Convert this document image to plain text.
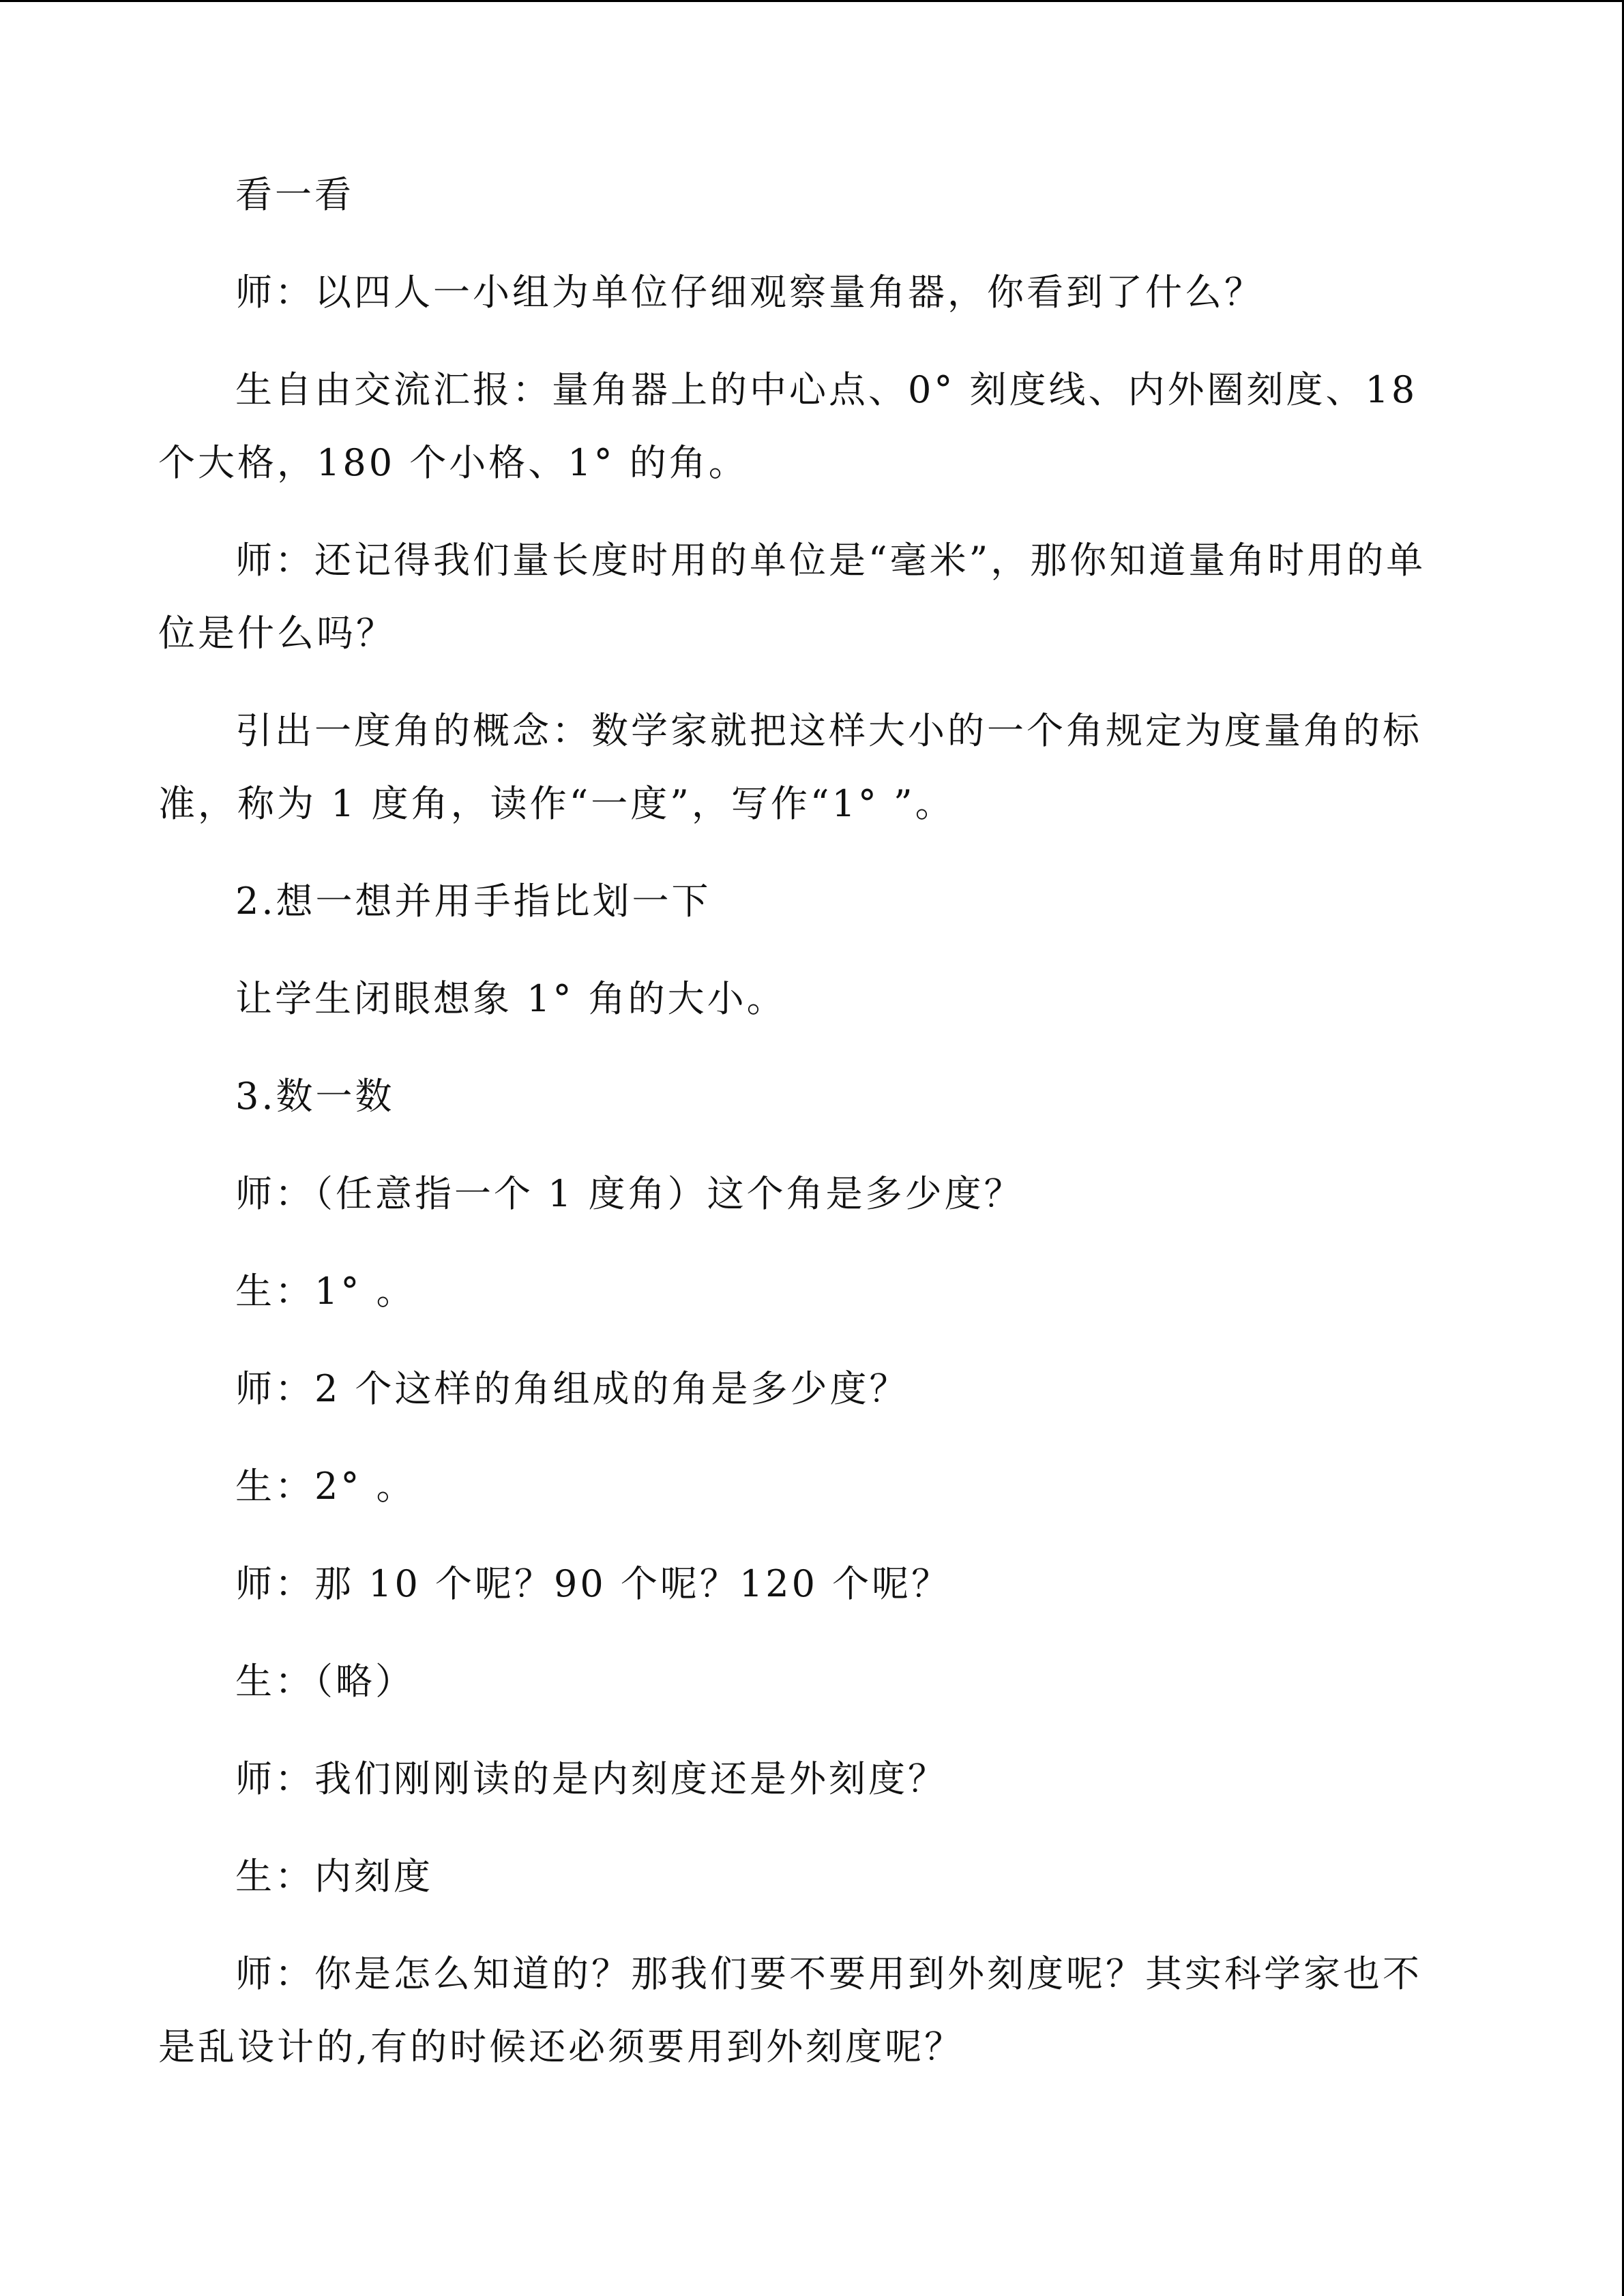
看一看

师：以四人一小组为单位仔细观察量角器，你看到了什么？

生自由交流汇报：量角器上的中心点、0° 刻度线、内外圈刻度、18 个大格，180 个小格、1° 的角。

师：还记得我们量长度时用的单位是“毫米”，那你知道量角时用的单位是什么吗？

引出一度角的概念：数学家就把这样大小的一个角规定为度量角的标准，称为 1 度角，读作“一度”，写作“1° ”。

2.想一想并用手指比划一下

让学生闭眼想象 1° 角的大小。

3.数一数

师：（任意指一个 1 度角）这个角是多少度？

生：1° 。

师：2 个这样的角组成的角是多少度？

生：2° 。

师：那 10 个呢？90 个呢？120 个呢？

生：（略）

师：我们刚刚读的是内刻度还是外刻度？

生：内刻度

师：你是怎么知道的？那我们要不要用到外刻度呢？其实科学家也不是乱设计的,有的时候还必须要用到外刻度呢？
